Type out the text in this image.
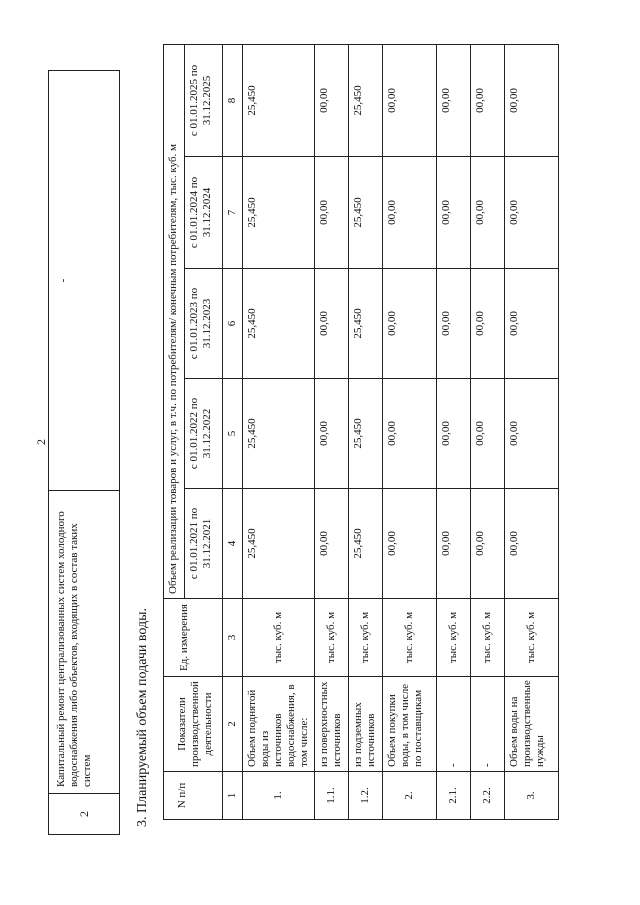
2
2	Капитальный ремонт централизованных систем холодного водоснабжения либо объектов, входящих в состав таких систем	-
3. Планируемый объем подачи воды. N п/п	Показатели производственной деятельности	Ед. измерения	Объем реализации товаров и услуг, в т.ч. по потребителям/ конечным потребителям, тыс. куб. м				
			с 01.01.2021 по 31.12.2021	с 01.01.2022 по 31.12.2022	с 01.01.2023 по 31.12.2023	с 01.01.2024 по 31.12.2024	с 01.01.2025 по 31.12.2025
1	2	3	4	5	6	7	8
1.	Объем поднятой воды из источников водоснабжения, в том числе:	тыс. куб. м	25,450	25,450	25,450	25,450	25,450
1.1.	из поверхностных источников	тыс. куб. м	00,00	00,00	00,00	00,00	00,00
1.2.	из подземных источников	тыс. куб. м	25,450	25,450	25,450	25,450	25,450
2.	Объем покупки воды, в том числе по поставщикам	тыс. куб. м	00,00	00,00	00,00	00,00	00,00
2.1.	-	тыс. куб. м	00,00	00,00	00,00	00,00	00,00
2.2.	-	тыс. куб. м	00,00	00,00	00,00	00,00	00,00
3.	Объем воды на производственные нужды	тыс. куб. м	00,00	00,00	00,00	00,00	00,00
